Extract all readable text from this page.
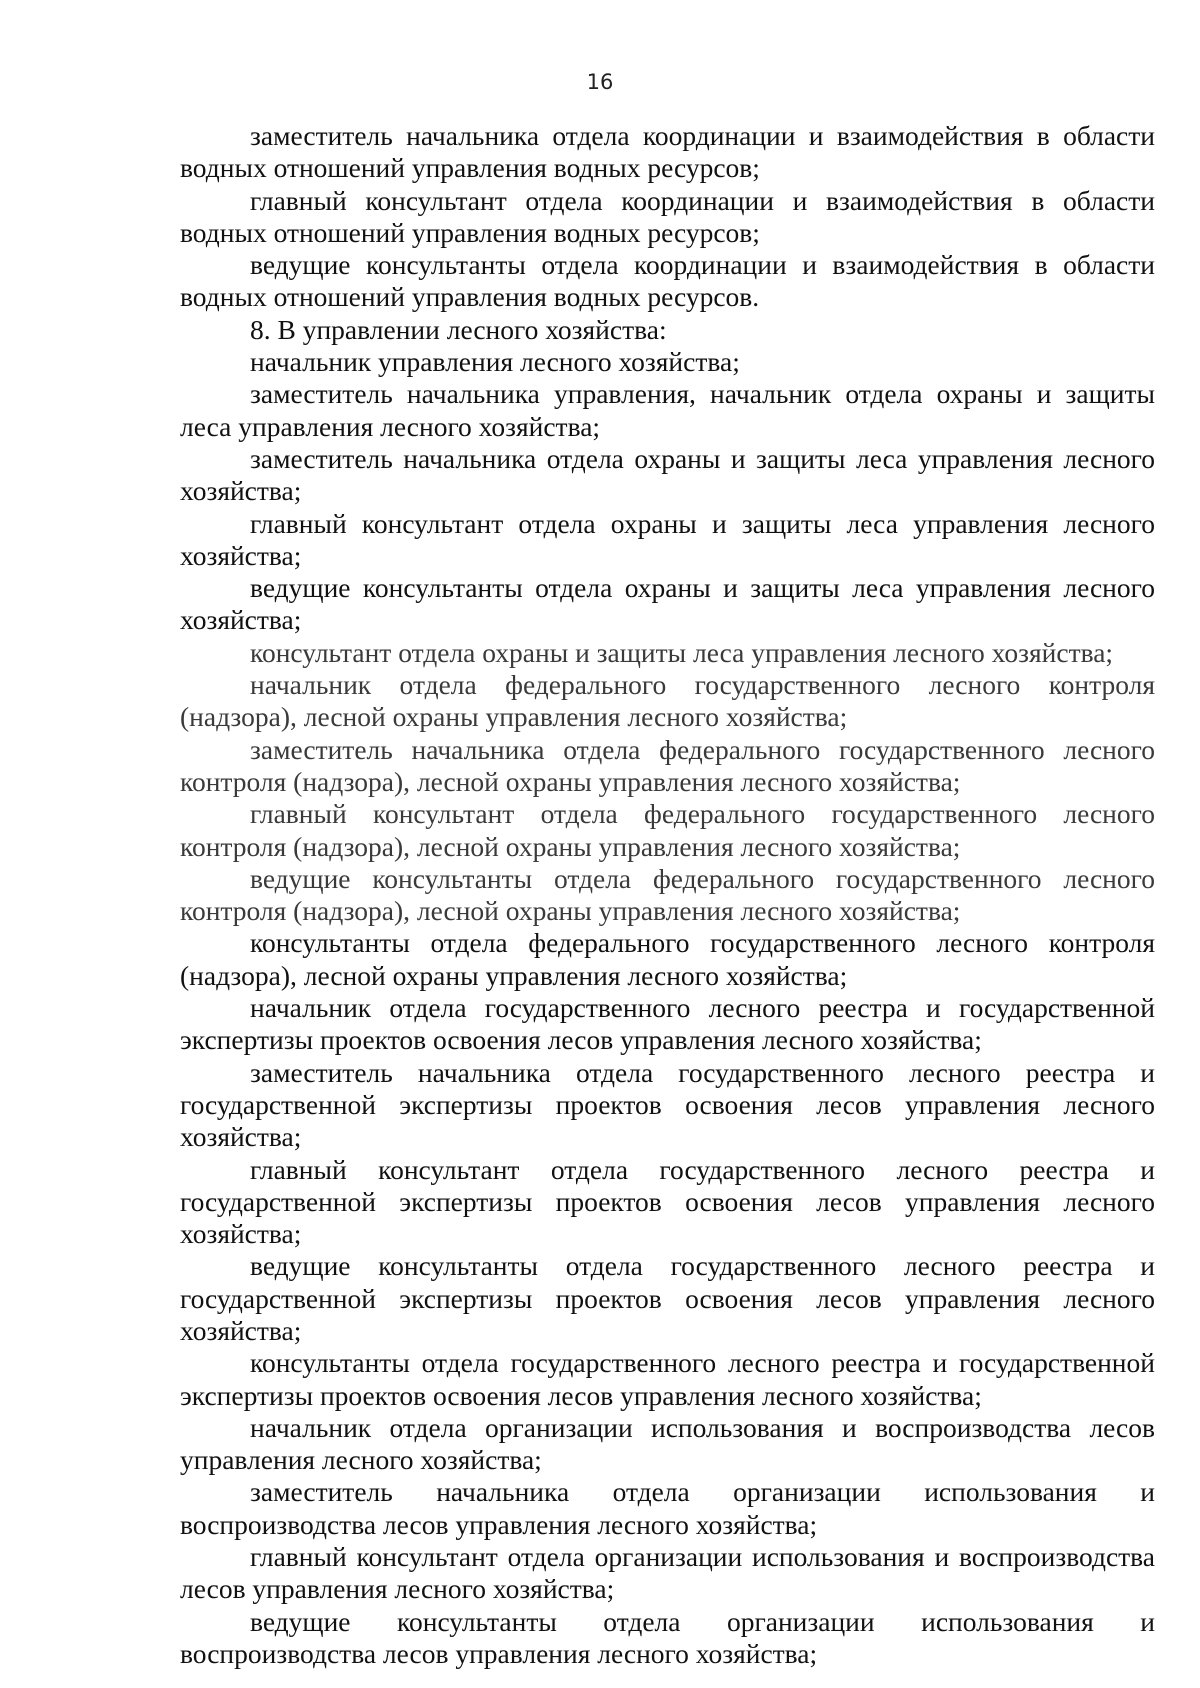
16

заместитель начальника отдела координации и взаимодействия в области водных отношений управления водных ресурсов;

главный консультант отдела координации и взаимодействия в области водных отношений управления водных ресурсов;

ведущие консультанты отдела координации и взаимодействия в области водных отношений управления водных ресурсов.

8. В управлении лесного хозяйства:

начальник управления лесного хозяйства;

заместитель начальника управления, начальник отдела охраны и защиты леса управления лесного хозяйства;

заместитель начальника отдела охраны и защиты леса управления лесного хозяйства;

главный консультант отдела охраны и защиты леса управления лесного хозяйства;

ведущие консультанты отдела охраны и защиты леса управления лесного хозяйства;

консультант отдела охраны и защиты леса управления лесного хозяйства;

начальник отдела федерального государственного лесного контроля (надзора), лесной охраны управления лесного хозяйства;

заместитель начальника отдела федерального государственного лесного контроля (надзора), лесной охраны управления лесного хозяйства;

главный консультант отдела федерального государственного лесного контроля (надзора), лесной охраны управления лесного хозяйства;

ведущие консультанты отдела федерального государственного лесного контроля (надзора), лесной охраны управления лесного хозяйства;

консультанты отдела федерального государственного лесного контроля (надзора), лесной охраны управления лесного хозяйства;

начальник отдела государственного лесного реестра и государственной экспертизы проектов освоения лесов управления лесного хозяйства;

заместитель начальника отдела государственного лесного реестра и государственной экспертизы проектов освоения лесов управления лесного хозяйства;

главный консультант отдела государственного лесного реестра и государственной экспертизы проектов освоения лесов управления лесного хозяйства;

ведущие консультанты отдела государственного лесного реестра и государственной экспертизы проектов освоения лесов управления лесного хозяйства;

консультанты отдела государственного лесного реестра и государственной экспертизы проектов освоения лесов управления лесного хозяйства;

начальник отдела организации использования и воспроизводства лесов управления лесного хозяйства;

заместитель начальника отдела организации использования и воспроизводства лесов управления лесного хозяйства;

главный консультант отдела организации использования и воспроизводства лесов управления лесного хозяйства;

ведущие консультанты отдела организации использования и воспроизводства лесов управления лесного хозяйства;
